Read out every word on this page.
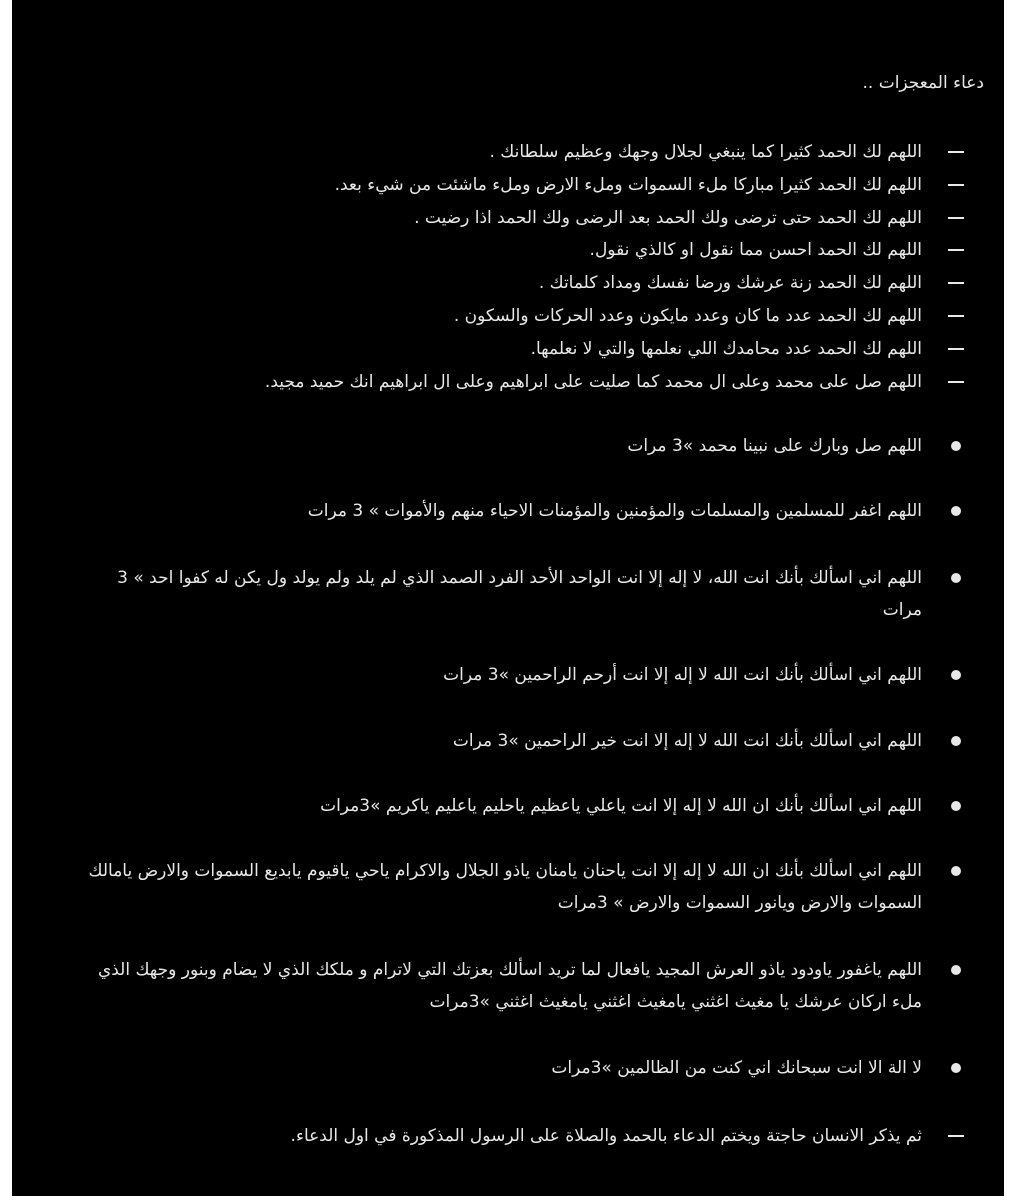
دعاء المعجزات ..
اللهم لك الحمد كثيرا كما ينبغي لجلال وجهك وعظيم سلطانك .
اللهم لك الحمد كثيرا مباركا ملء السموات وملء الارض وملء ماشئت من شيء بعد.
اللهم لك الحمد حتى ترضى ولك الحمد بعد الرضى ولك الحمد اذا رضيت .
اللهم لك الحمد احسن مما نقول او كالذي نقول.
اللهم لك الحمد زنة عرشك ورضا نفسك ومداد كلماتك .
اللهم لك الحمد عدد ما كان وعدد مايكون وعدد الحركات والسكون .
اللهم لك الحمد عدد محامدك اللي نعلمها والتي لا نعلمها.
اللهم صل على محمد وعلى ال محمد كما صليت على ابراهيم وعلى ال ابراهيم انك حميد مجيد.
اللهم صل وبارك على نبينا محمد »3 مرات
اللهم اغفر للمسلمين والمسلمات والمؤمنين والمؤمنات الاحياء منهم والأموات » 3 مرات
اللهم اني اسألك بأنك انت الله، لا إله إلا انت الواحد الأحد الفرد الصمد الذي لم يلد ولم يولد ول يكن له كفوا احد » 3 مرات
اللهم اني اسألك بأنك انت الله لا إله إلا انت أرحم الراحمين »3 مرات
اللهم اني اسألك بأنك انت الله لا إله إلا انت خير الراحمين »3 مرات
اللهم اني اسألك بأنك ان الله لا إله إلا انت ياعلي ياعظيم ياحليم ياعليم ياكريم »3مرات
اللهم اني اسألك بأنك ان الله لا إله إلا انت ياحنان يامنان ياذو الجلال والاكرام ياحي ياقيوم يابديع السموات والارض يامالك السموات والارض ويانور السموات والارض » 3مرات
اللهم ياغفور ياودود ياذو العرش المجيد يافعال لما تريد اسألك بعزتك التي لاترام و ملكك الذي لا يضام وبنور وجهك الذي ملء اركان عرشك يا مغيث اغثني يامغيث اغثني يامغيث اغثني »3مرات
لا الة الا انت سبحانك اني كنت من الظالمين »3مرات
ثم يذكر الانسان حاجتة ويختم الدعاء بالحمد والصلاة على الرسول المذكورة في اول الدعاء.
